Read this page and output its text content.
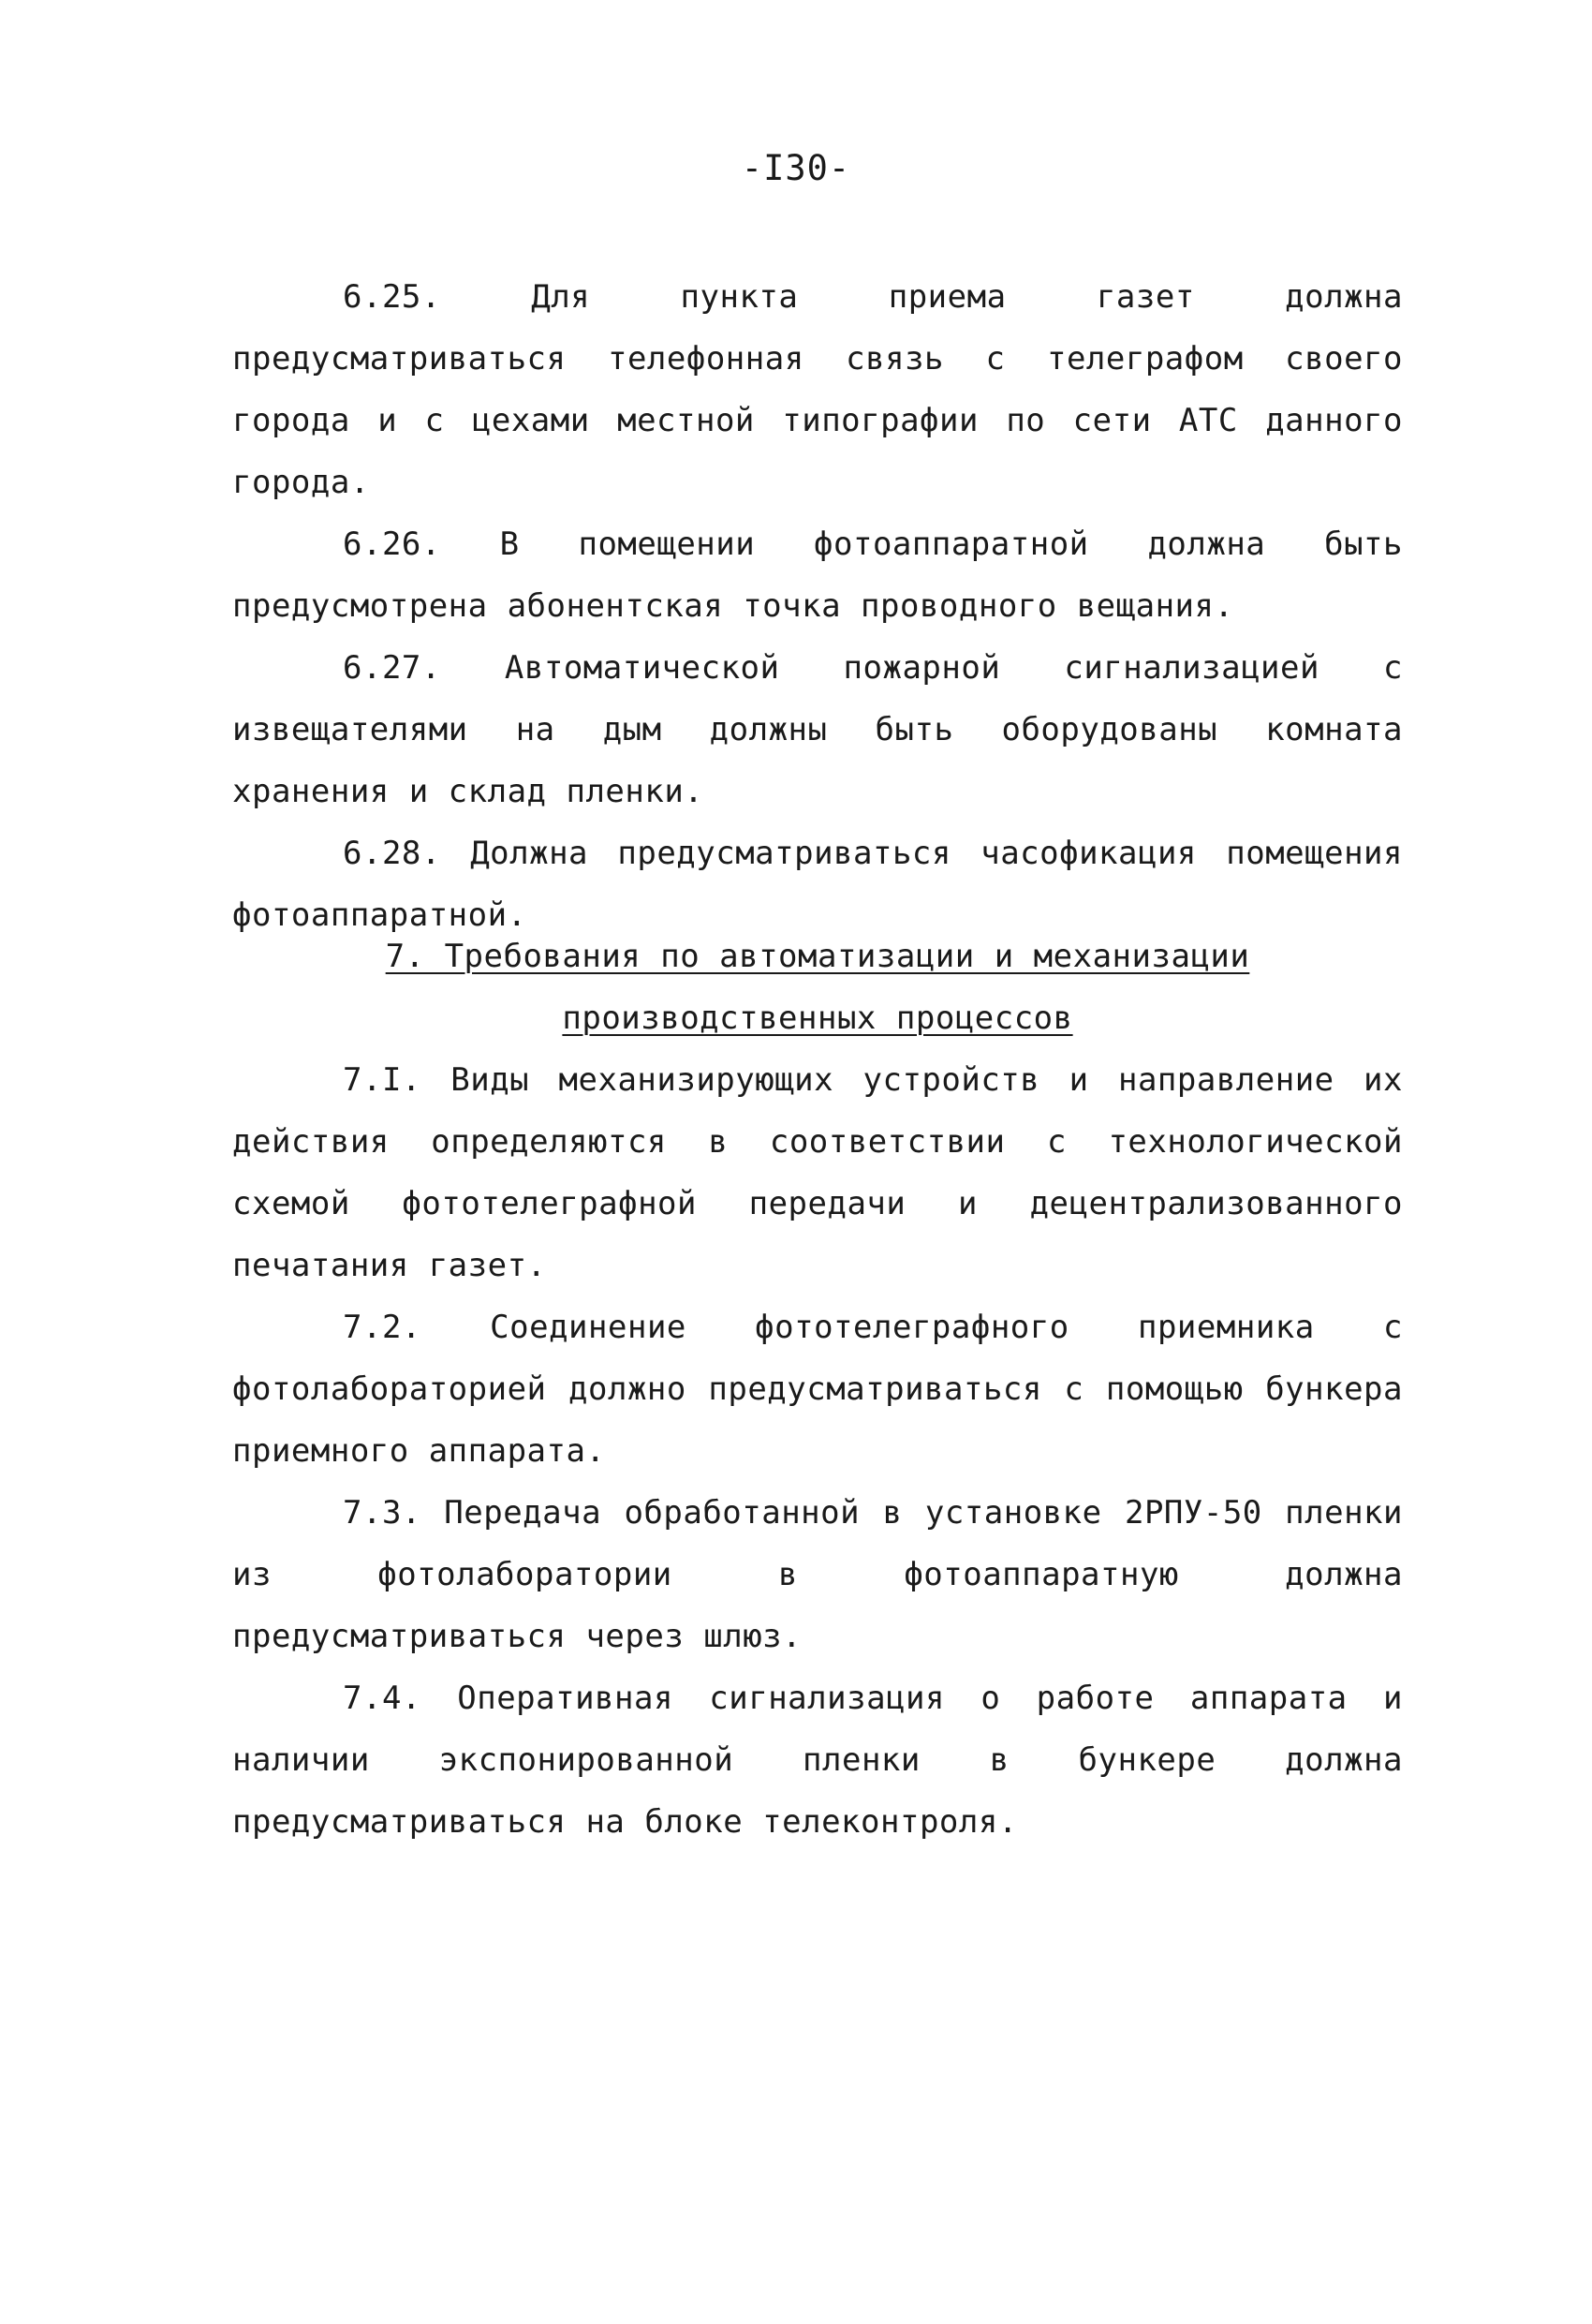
-I30-

6.25. Для пункта приема газет должна предусматриваться телефонная связь с телеграфом своего города и с цехами местной типографии по сети АТС данного города.

6.26. В помещении фотоаппаратной должна быть предусмотрена абонентская точка проводного вещания.

6.27. Автоматической пожарной сигнализацией с извещателями на дым должны быть оборудованы комната хранения и склад пленки.

6.28. Должна предусматриваться часофикация помещения фотоаппаратной.

7. Требования по автоматизации и механизации
производственных процессов

7.I. Виды механизирующих устройств и направление их действия определяются в соответствии с технологической схемой фототелеграфной передачи и децентрализованного печатания газет.

7.2. Соединение фототелеграфного приемника с фотолабораторией должно предусматриваться с помощью бункера приемного аппарата.

7.3. Передача обработанной в установке 2РПУ-50 пленки из фотолаборатории в фотоаппаратную должна предусматриваться через шлюз.

7.4. Оперативная сигнализация о работе аппарата и наличии экспонированной пленки в бункере должна предусматриваться на блоке телеконтроля.
